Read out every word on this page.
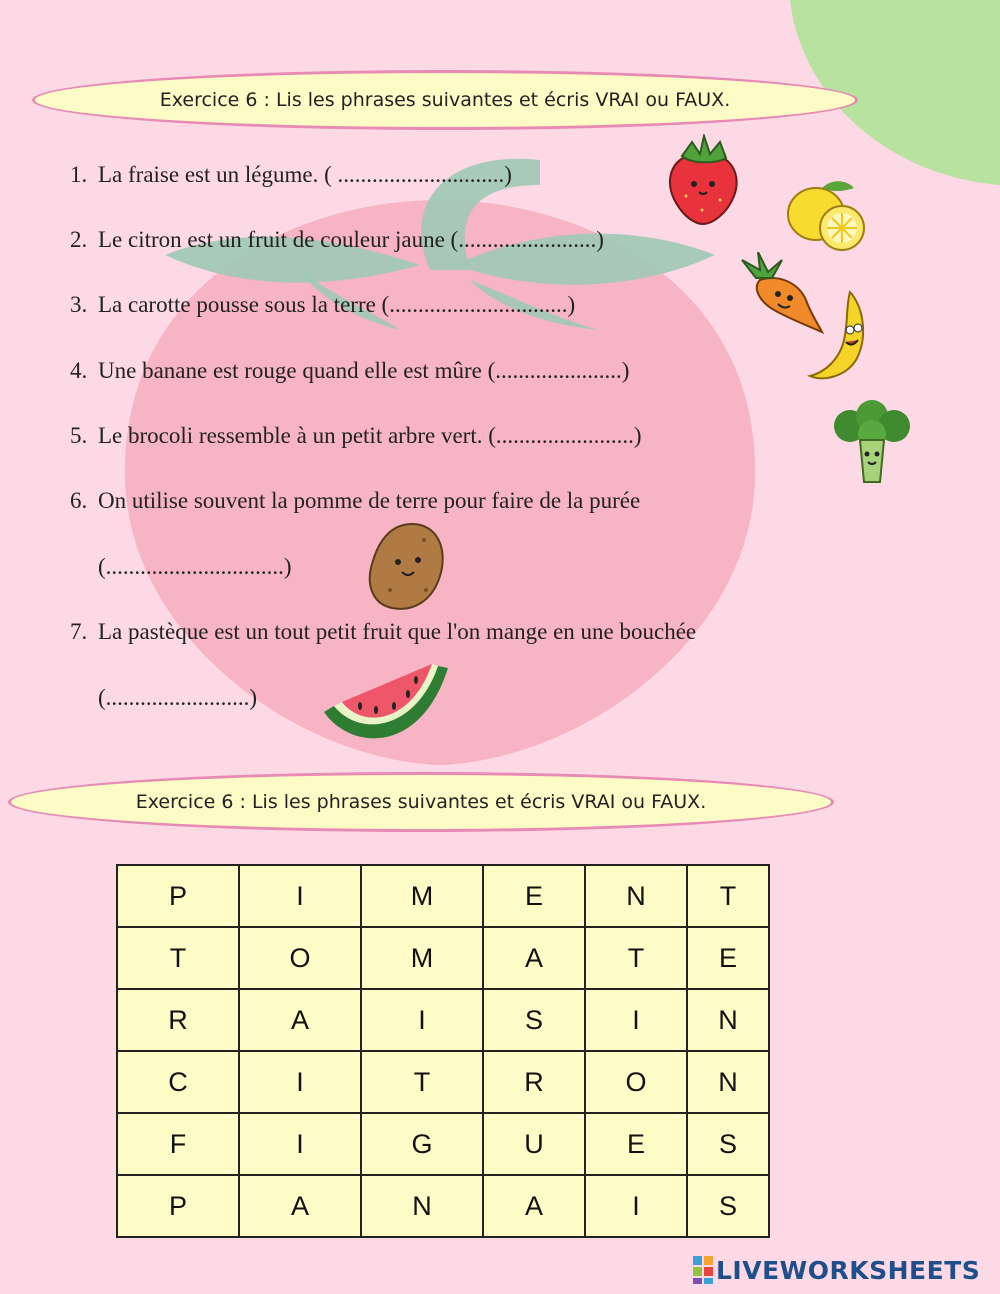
Exercice 6 : Lis les phrases suivantes et écris VRAI ou FAUX.
1. La fraise est un légume. ( .............................)
2. Le citron est un fruit de couleur jaune (........................)
3. La carotte pousse sous la terre (...............................)
4. Une banane est rouge quand elle est mûre (......................)
5. Le brocoli ressemble à un petit arbre vert. (........................)
6. On utilise souvent la pomme de terre pour faire de la purée
(...............................)
7. La pastèque est un tout petit fruit que l'on mange en une bouchée
(.........................)
Exercice 6 : Lis les phrases suivantes et écris VRAI ou FAUX.
P	I	M	E	N	T
T	O	M	A	T	E
R	A	I	S	I	N
C	I	T	R	O	N
F	I	G	U	E	S
P	A	N	A	I	S
LIVEWORKSHEETS
